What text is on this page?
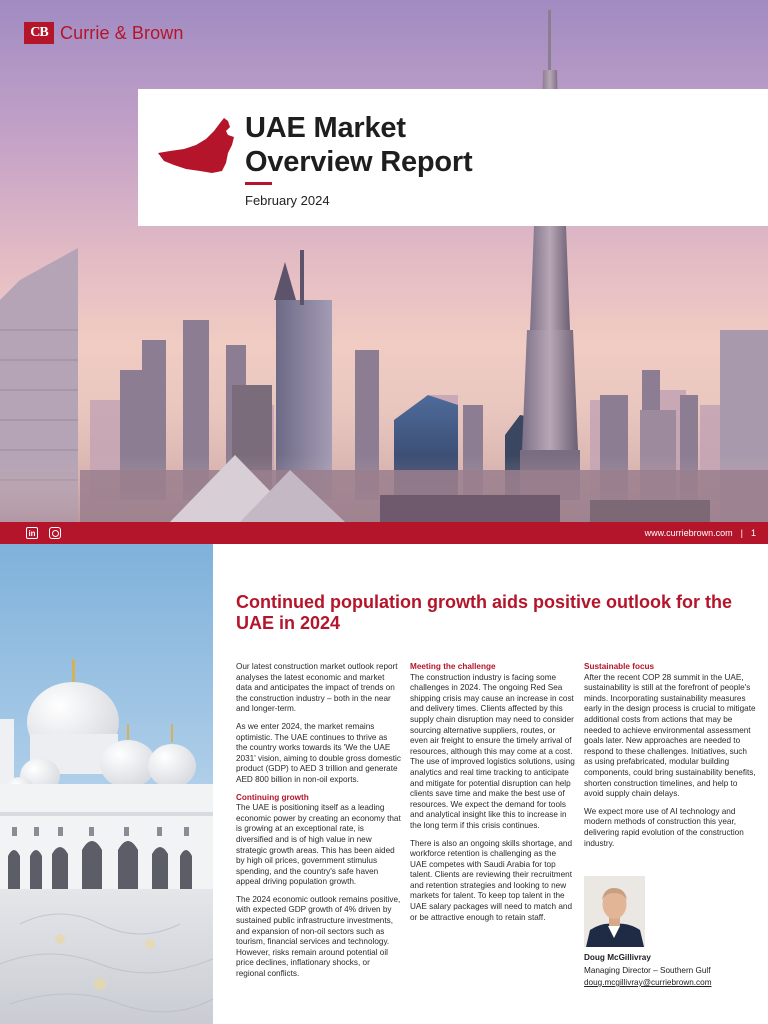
CB Currie & Brown
UAE Market
Overview Report
February 2024
in	www.curriebrown.com | 1
Continued population growth aids positive outlook for the UAE in 2024

Our latest construction market outlook report analyses the latest economic and market data and anticipates the impact of trends on the construction industry – both in the near and longer-term.

As we enter 2024, the market remains optimistic. The UAE continues to thrive as the country works towards its 'We the UAE 2031' vision, aiming to double gross domestic product (GDP) to AED 3 trillion and generate AED 800 billion in non-oil exports.

Continuing growth

The UAE is positioning itself as a leading economic power by creating an economy that is growing at an exceptional rate, is diversified and is of high value in new strategic growth areas. This has been aided by high oil prices, government stimulus spending, and the country's safe haven appeal driving population growth.

The 2024 economic outlook remains positive, with expected GDP growth of 4% driven by sustained public infrastructure investments, and expansion of non-oil sectors such as tourism, financial services and technology. However, risks remain around potential oil price declines, inflationary shocks, or regional conflicts.

Meeting the challenge

The construction industry is facing some challenges in 2024. The ongoing Red Sea shipping crisis may cause an increase in cost and delivery times. Clients affected by this supply chain disruption may need to consider sourcing alternative suppliers, routes, or even air freight to ensure the timely arrival of resources, although this may come at a cost. The use of improved logistics solutions, using analytics and real time tracking to anticipate and mitigate for potential disruption can help clients save time and make the best use of resources. We expect the demand for tools and analytical insight like this to increase in the long term if this crisis continues.

There is also an ongoing skills shortage, and workforce retention is challenging as the UAE competes with Saudi Arabia for top talent. Clients are reviewing their recruitment and retention strategies and looking to new markets for talent. To keep top talent in the UAE salary packages will need to match and or be attractive enough to retain staff.

Sustainable focus

After the recent COP 28 summit in the UAE, sustainability is still at the forefront of people's minds. Incorporating sustainability measures early in the design process is crucial to mitigate additional costs from actions that may be needed to achieve environmental assessment goals later. New approaches are needed to respond to these challenges. Initiatives, such as using prefabricated, modular building components, could bring sustainability benefits, shorten construction timelines, and help to avoid supply chain delays.

We expect more use of AI technology and modern methods of construction this year, delivering rapid evolution of the construction industry.

Doug McGillivray
Managing Director – Southern Gulf
doug.mcgillivray@curriebrown.com
